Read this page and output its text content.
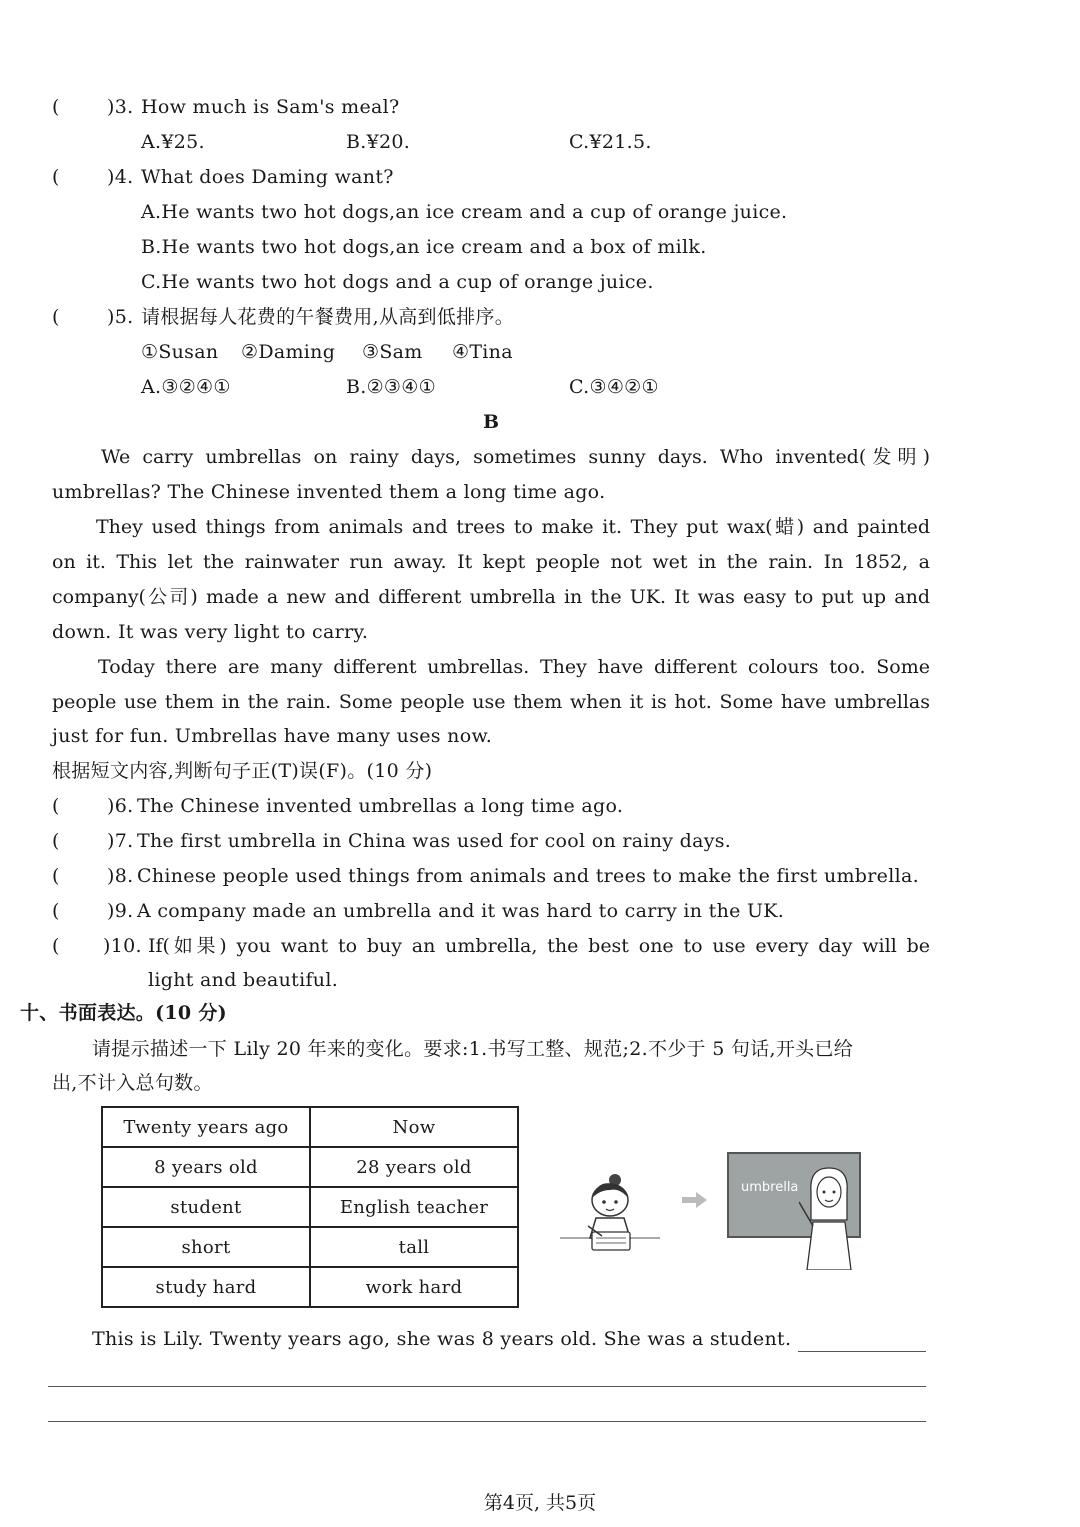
(	)3. How much is Sam's meal?
A.¥25.	B.¥20.	C.¥21.5.
(	)4. What does Daming want?
A.He wants two hot dogs,an ice cream and a cup of orange juice.
B.He wants two hot dogs,an ice cream and a box of milk.
C.He wants two hot dogs and a cup of orange juice.
(	)5. 请根据每人花费的午餐费用,从高到低排序。
①Susan ②Daming ③Sam ④Tina
A.③②④①	B.②③④①	C.③④②①
B
We carry umbrellas on rainy days, sometimes sunny days. Who invented(发明)
umbrellas? The Chinese invented them a long time ago.
They used things from animals and trees to make it. They put wax(蜡) and painted
on it. This let the rainwater run away. It kept people not wet in the rain. In 1852, a
company(公司) made a new and different umbrella in the UK. It was easy to put up and
down. It was very light to carry.
Today there are many different umbrellas. They have different colours too. Some
people use them in the rain. Some people use them when it is hot. Some have umbrellas
just for fun. Umbrellas have many uses now.
根据短文内容,判断句子正(T)误(F)。(10 分)
(	)6. The Chinese invented umbrellas a long time ago.
(	)7. The first umbrella in China was used for cool on rainy days.
(	)8. Chinese people used things from animals and trees to make the first umbrella.
(	)9. A company made an umbrella and it was hard to carry in the UK.
( )10. If(如果) you want to buy an umbrella, the best one to use every day will be
light and beautiful.
十、书面表达。(10 分)
请提示描述一下 Lily 20 年来的变化。要求:1.书写工整、规范;2.不少于 5 句话,开头已给
出,不计入总句数。
Twenty years ago	Now
8 years old	28 years old
student	English teacher
short	tall
study hard	work hard
umbrella
This is Lily. Twenty years ago, she was 8 years old. She was a student.
第4页, 共5页
